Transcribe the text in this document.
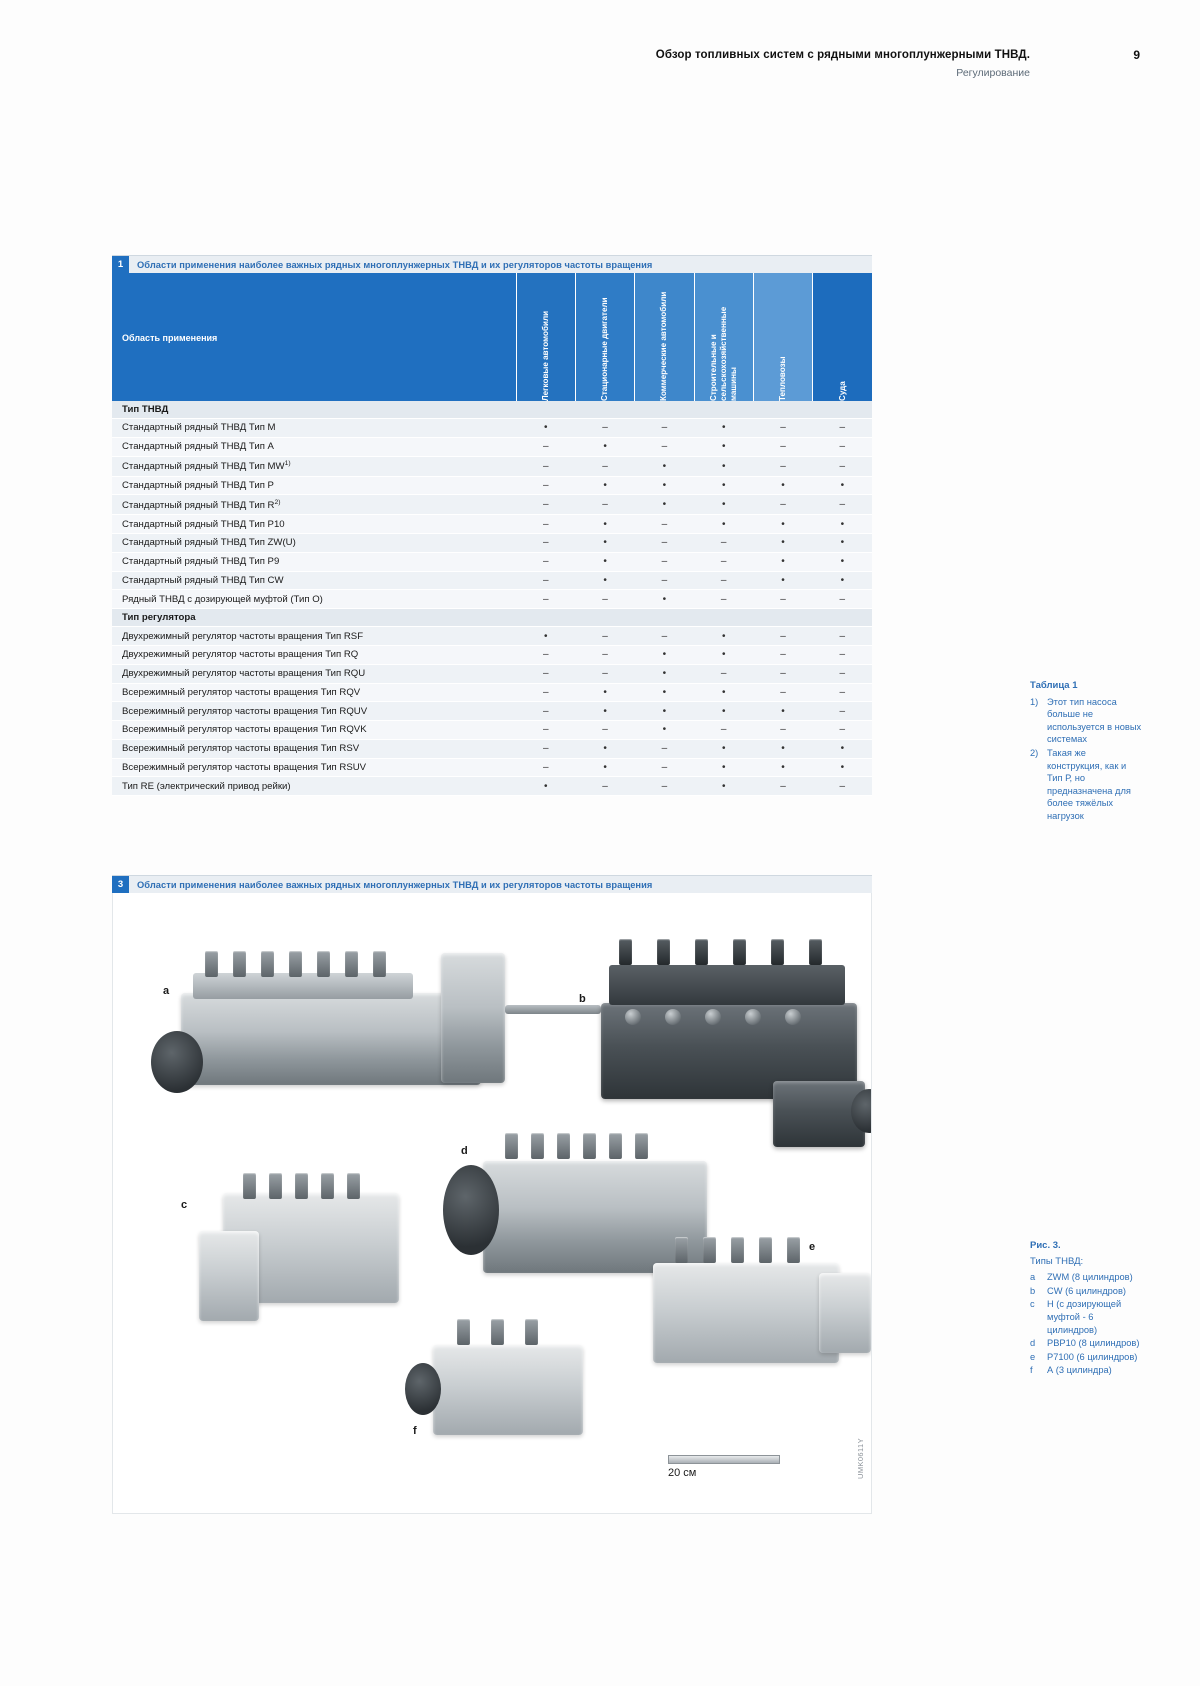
Обзор топливных систем с рядными многоплунжерными ТНВД.
Регулирование
9
1	Области применения наиболее важных рядных многоплунжерных ТНВД и их регуляторов частоты вращения
Область применения	Легковые автомобили	Стационарные двигатели	Коммерческие автомобили	Строительные и сельскохозяйственные машины	Тепловозы	Суда

Тип ТНВД						
Стандартный рядный ТНВД Тип М	•	–	–	•	–	–
Стандартный рядный ТНВД Тип А	–	•	–	•	–	–
Стандартный рядный ТНВД Тип MW$^{1)}$	–	–	•	•	–	–
Стандартный рядный ТНВД Тип Р	–	•	•	•	•	•
Стандартный рядный ТНВД Тип $R^{2)}$	–	–	•	•	–	–
Стандартный рядный ТНВД Тип Р10	–	•	–	•	•	•
Стандартный рядный ТНВД Тип ZW(U)	–	•	–	–	•	•
Стандартный рядный ТНВД Тип Р9	–	•	–	–	•	•
Стандартный рядный ТНВД Тип CW	–	•	–	–	•	•
Рядный ТНВД с дозирующей муфтой (Тип О)	–	–	•	–	–	–
Тип регулятора						
Двухрежимный регулятор частоты вращения Тип RSF	•	–	–	•	–	–
Двухрежимный регулятор частоты вращения Тип RQ	–	–	•	•	–	–
Двухрежимный регулятор частоты вращения Тип RQU	–	–	•	–	–	–
Всережимный регулятор частоты вращения Тип RQV	–	•	•	•	–	–
Всережимный регулятор частоты вращения Тип RQUV	–	•	•	•	•	–
Всережимный регулятор частоты вращения Тип RQVK	–	–	•	–	–	–
Всережимный регулятор частоты вращения Тип RSV	–	•	–	•	•	•
Всережимный регулятор частоты вращения Тип RSUV	–	•	–	•	•	•
Тип RE (электрический привод рейки)	•	–	–	•	–	–
Таблица 1
1) Этот тип насоса больше не используется в новых системах
2) Такая же конструкция, как и Тип Р, но предназначена для более тяжёлых нагрузок
3	Области применения наиболее важных рядных многоплунжерных ТНВД и их регуляторов частоты вращения
a
b
d
c
e
f
20 см	UMK0611Y
Рис. 3.
Типы ТНВД:
a	ZWM (8 цилиндров)
b	CW (6 цилиндров)
c	Н (с дозирующей муфтой - 6 цилиндров)
d	PBP10 (8 цилиндров)
e	P7100 (6 цилиндров)
f	А (3 цилиндра)
